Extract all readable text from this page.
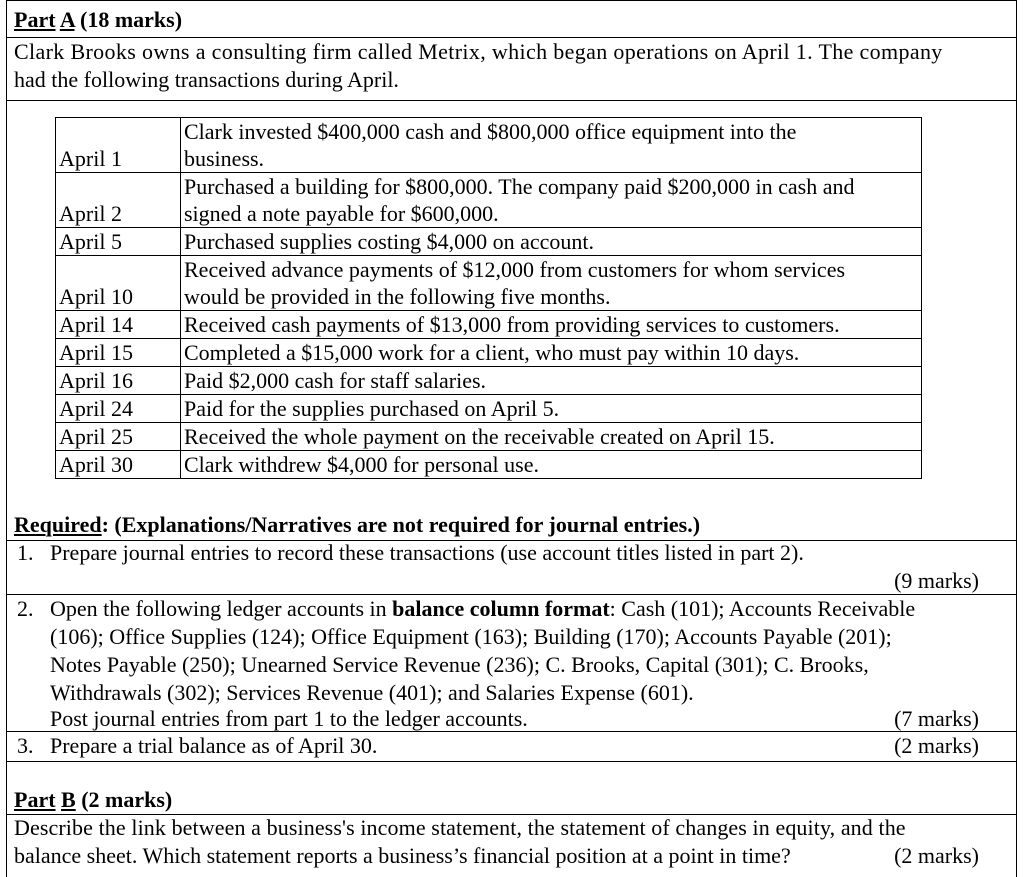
Part A (18 marks)
Clark Brooks owns a consulting firm called Metrix, which began operations on April 1. The company
had the following transactions during April.
April 1	Clark invested $400,000 cash and $800,000 office equipment into the
business.
April 2	Purchased a building for $800,000. The company paid $200,000 in cash and
signed a note payable for $600,000.
April 5	Purchased supplies costing $4,000 on account.
April 10	Received advance payments of $12,000 from customers for whom services
would be provided in the following five months.
April 14	Received cash payments of $13,000 from providing services to customers.
April 15	Completed a $15,000 work for a client, who must pay within 10 days.
April 16	Paid $2,000 cash for staff salaries.
April 24	Paid for the supplies purchased on April 5.
April 25	Received the whole payment on the receivable created on April 15.
April 30	Clark withdrew $4,000 for personal use.
Required: (Explanations/Narratives are not required for journal entries.)
1. Prepare journal entries to record these transactions (use account titles listed in part 2).
(9 marks)
2. Open the following ledger accounts in balance column format: Cash (101); Accounts Receivable
(106); Office Supplies (124); Office Equipment (163); Building (170); Accounts Payable (201);
Notes Payable (250); Unearned Service Revenue (236); C. Brooks, Capital (301); C. Brooks,
Withdrawals (302); Services Revenue (401); and Salaries Expense (601).
Post journal entries from part 1 to the ledger accounts.	(7 marks)
3. Prepare a trial balance as of April 30.	(2 marks)
Part B (2 marks)
Describe the link between a business's income statement, the statement of changes in equity, and the
balance sheet. Which statement reports a business’s financial position at a point in time?	(2 marks)
